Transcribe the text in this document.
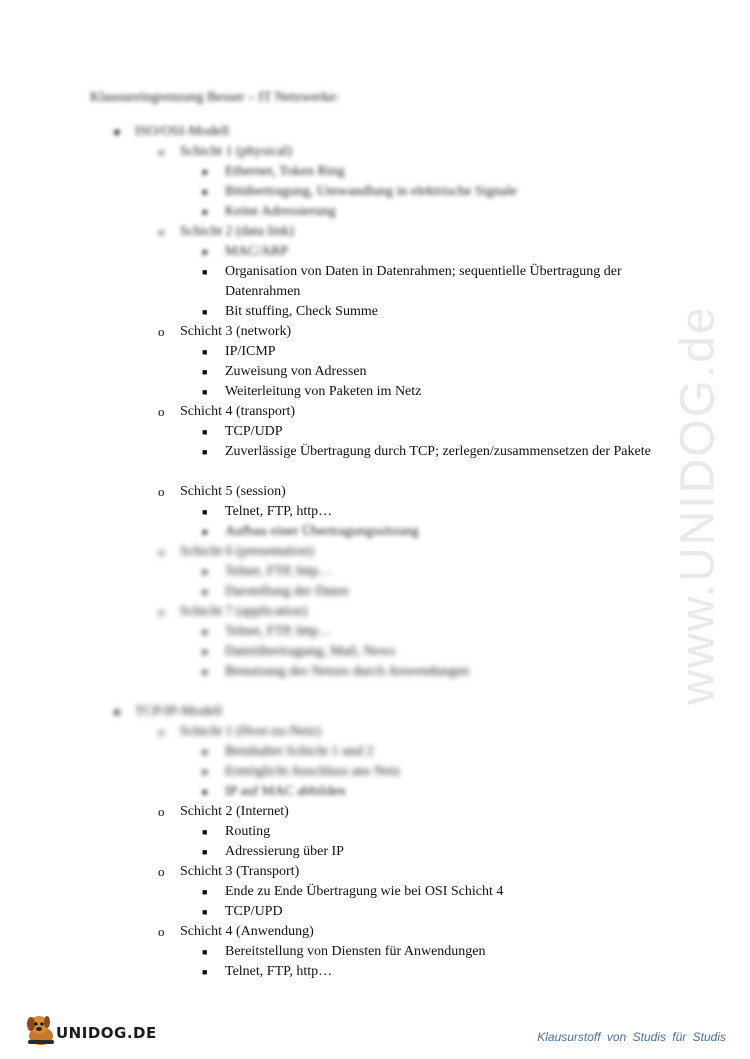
Klausureingrenzung Besser – IT Netzwerke:
● ISO/OSI-Modell
o Schicht 1 (physical)
■ Ethernet, Token Ring
■ Bitübertragung, Umwandlung in elektrische Signale
■ Keine Adressierung
o Schicht 2 (data link)
■ MAC/ARP
■ Organisation von Daten in Datenrahmen; sequentielle Übertragung der Datenrahmen
■ Bit stuffing, Check Summe
o Schicht 3 (network)
■ IP/ICMP
■ Zuweisung von Adressen
■ Weiterleitung von Paketen im Netz
o Schicht 4 (transport)
■ TCP/UDP
■ Zuverlässige Übertragung durch TCP; zerlegen/zusammensetzen der Pakete
o Schicht 5 (session)
■ Telnet, FTP, http…
■ Aufbau einer Übertragungssitzung
o Schicht 6 (presentation)
■ Telnet, FTP, http…
■ Darstellung der Daten
o Schicht 7 (application)
■ Telnet, FTP, http…
■ Dateiübertragung, Mail, News
■ Benutzung des Netzes durch Anwendungen
● TCP/IP-Modell
o Schicht 1 (Host-zu-Netz)
■ Beinhaltet Schicht 1 und 2
■ Ermöglicht Anschluss ans Netz
■ IP auf MAC abbilden
o Schicht 2 (Internet)
■ Routing
■ Adressierung über IP
o Schicht 3 (Transport)
■ Ende zu Ende Übertragung wie bei OSI Schicht 4
■ TCP/UPD
o Schicht 4 (Anwendung)
■ Bereitstellung von Diensten für Anwendungen
■ Telnet, FTP, http…
www.UNIDOG.de
UNIDOG.DE	Klausurstoff von Studis für Studis
